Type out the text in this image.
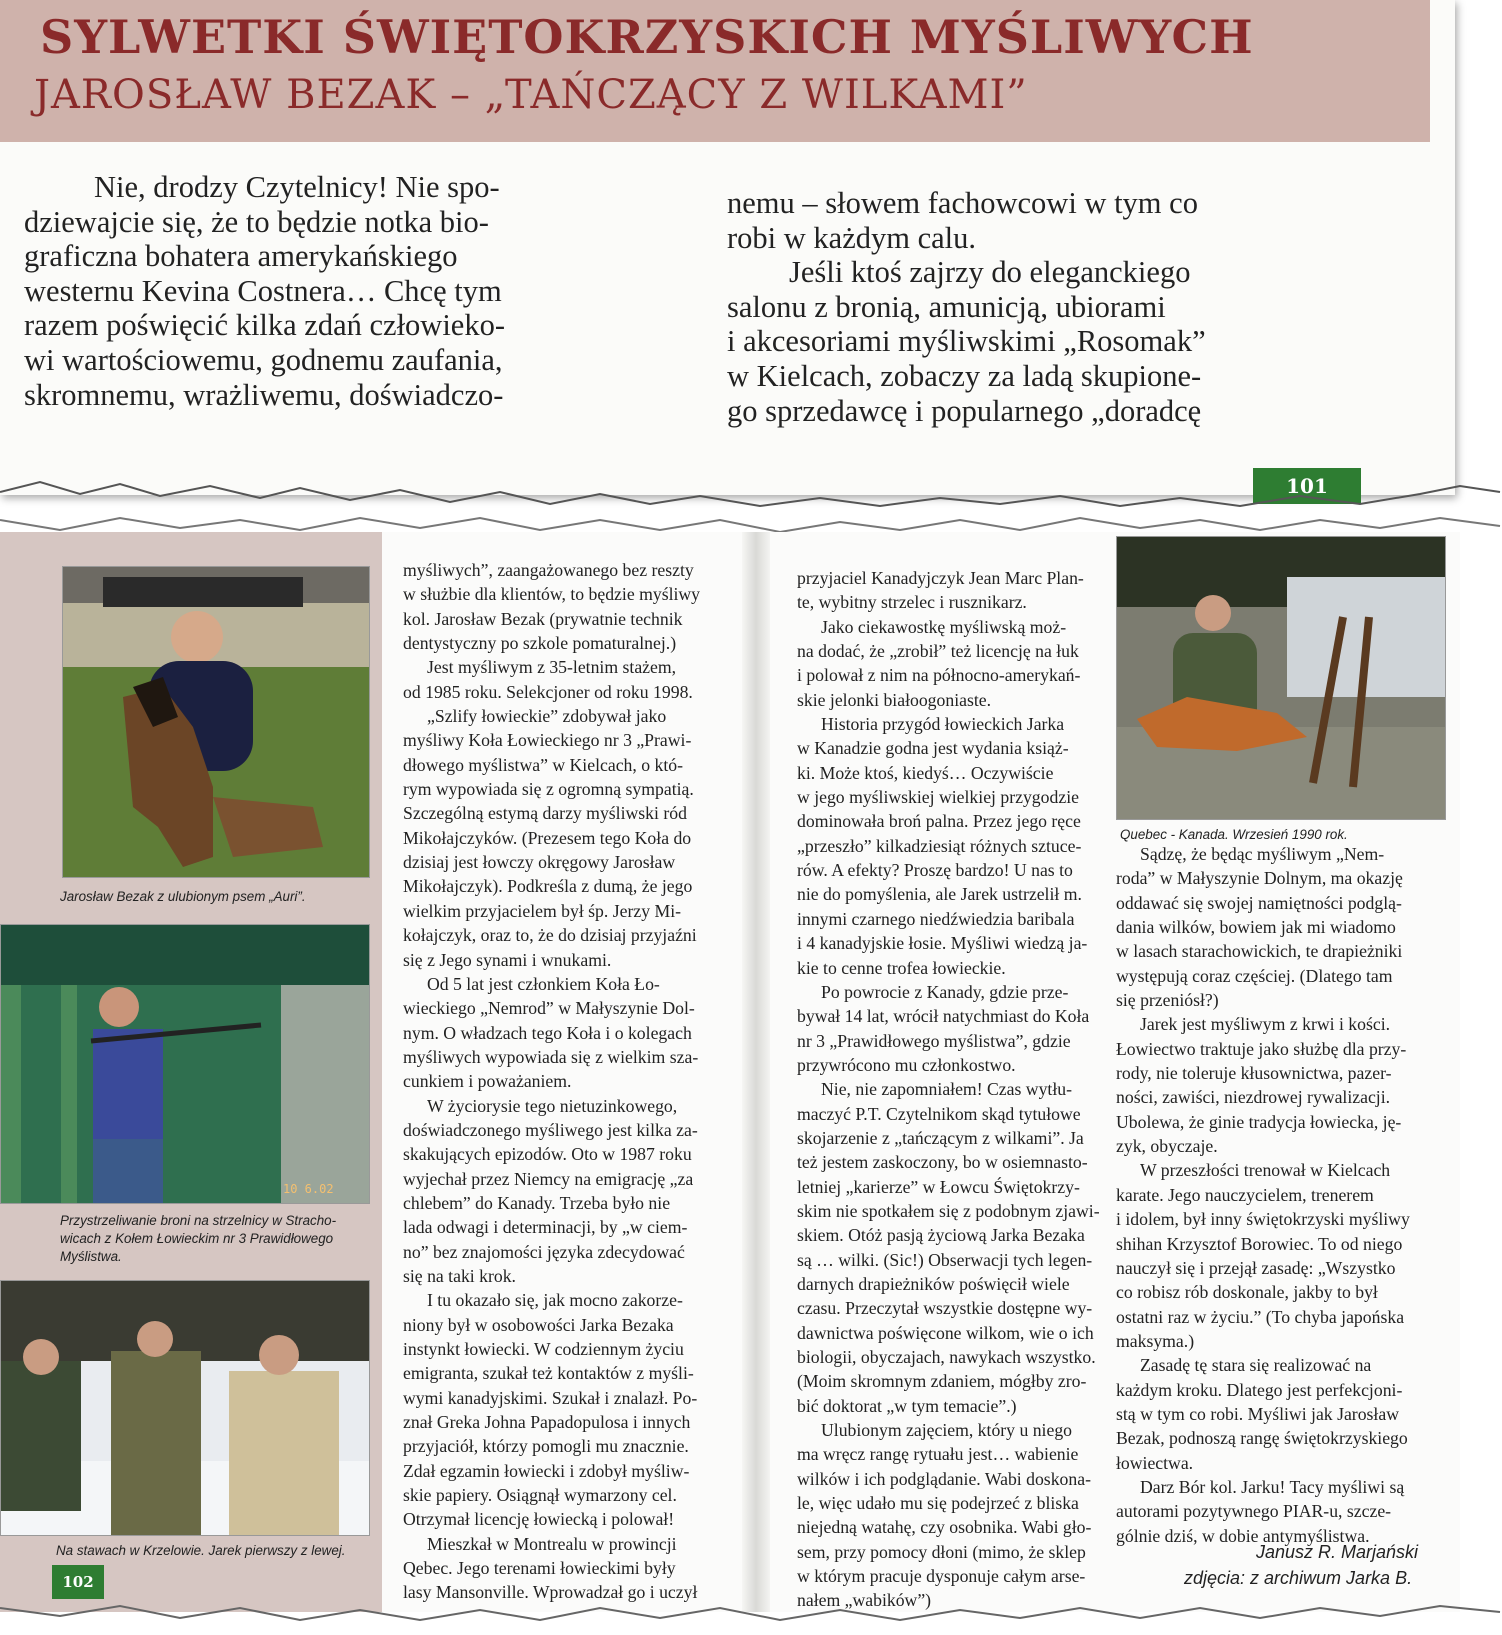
SYLWETKI ŚWIĘTOKRZYSKICH MYŚLIWYCH
JAROSŁAW BEZAK – „TAŃCZĄCY Z WILKAMI”
Nie, drodzy Czytelnicy! Nie spo-
dziewajcie się, że to będzie notka bio-
graficzna bohatera amerykańskiego
westernu Kevina Costnera… Chcę tym
razem poświęcić kilka zdań człowieko-
wi wartościowemu, godnemu zaufania,
skromnemu, wrażliwemu, doświadczo-
nemu – słowem fachowcowi w tym co
robi w każdym calu.
Jeśli ktoś zajrzy do eleganckiego
salonu z bronią, amunicją, ubiorami
i akcesoriami myśliwskimi „Rosomak”
w Kielcach, zobaczy za ladą skupione-
go sprzedawcę i popularnego „doradcę
101
Jarosław Bezak z ulubionym psem „Auri”.
10 6.02
Przystrzeliwanie broni na strzelnicy w Stracho-
wicach z Kołem Łowieckim nr 3 Prawidłowego
Myślistwa.
Na stawach w Krzelowie. Jarek pierwszy z lewej.
102
myśliwych”, zaangażowanego bez reszty
w służbie dla klientów, to będzie myśliwy
kol. Jarosław Bezak (prywatnie technik
dentystyczny po szkole pomaturalnej.)
Jest myśliwym z 35-letnim stażem,
od 1985 roku. Selekcjoner od roku 1998.
„Szlify łowieckie” zdobywał jako
myśliwy Koła Łowieckiego nr 3 „Prawi-
dłowego myślistwa” w Kielcach, o któ-
rym wypowiada się z ogromną sympatią.
Szczególną estymą darzy myśliwski ród
Mikołajczyków. (Prezesem tego Koła do
dzisiaj jest łowczy okręgowy Jarosław
Mikołajczyk). Podkreśla z dumą, że jego
wielkim przyjacielem był śp. Jerzy Mi-
kołajczyk, oraz to, że do dzisiaj przyjaźni
się z Jego synami i wnukami.
Od 5 lat jest członkiem Koła Ło-
wieckiego „Nemrod” w Małyszynie Dol-
nym. O władzach tego Koła i o kolegach
myśliwych wypowiada się z wielkim sza-
cunkiem i poważaniem.
W życiorysie tego nietuzinkowego,
doświadczonego myśliwego jest kilka za-
skakujących epizodów. Oto w 1987 roku
wyjechał przez Niemcy na emigrację „za
chlebem” do Kanady. Trzeba było nie
lada odwagi i determinacji, by „w ciem-
no” bez znajomości języka zdecydować
się na taki krok.
I tu okazało się, jak mocno zakorze-
niony był w osobowości Jarka Bezaka
instynkt łowiecki. W codziennym życiu
emigranta, szukał też kontaktów z myśli-
wymi kanadyjskimi. Szukał i znalazł. Po-
znał Greka Johna Papadopulosa i innych
przyjaciół, którzy pomogli mu znacznie.
Zdał egzamin łowiecki i zdobył myśliw-
skie papiery. Osiągnął wymarzony cel.
Otrzymał licencję łowiecką i polował!
Mieszkał w Montrealu w prowincji
Qebec. Jego terenami łowieckimi były
lasy Mansonville. Wprowadzał go i uczył
przyjaciel Kanadyjczyk Jean Marc Plan-
te, wybitny strzelec i rusznikarz.
Jako ciekawostkę myśliwską moż-
na dodać, że „zrobił” też licencję na łuk
i polował z nim na północno-amerykań-
skie jelonki białoogoniaste.
Historia przygód łowieckich Jarka
w Kanadzie godna jest wydania książ-
ki. Może ktoś, kiedyś… Oczywiście
w jego myśliwskiej wielkiej przygodzie
dominowała broń palna. Przez jego ręce
„przeszło” kilkadziesiąt różnych sztuce-
rów. A efekty? Proszę bardzo! U nas to
nie do pomyślenia, ale Jarek ustrzelił m.
innymi czarnego niedźwiedzia baribala
i 4 kanadyjskie łosie. Myśliwi wiedzą ja-
kie to cenne trofea łowieckie.
Po powrocie z Kanady, gdzie prze-
bywał 14 lat, wrócił natychmiast do Koła
nr 3 „Prawidłowego myślistwa”, gdzie
przywrócono mu członkostwo.
Nie, nie zapomniałem! Czas wytłu-
maczyć P.T. Czytelnikom skąd tytułowe
skojarzenie z „tańczącym z wilkami”. Ja
też jestem zaskoczony, bo w osiemnasto-
letniej „karierze” w Łowcu Świętokrzy-
skim nie spotkałem się z podobnym zjawi-
skiem. Otóż pasją życiową Jarka Bezaka
są … wilki. (Sic!) Obserwacji tych legen-
darnych drapieżników poświęcił wiele
czasu. Przeczytał wszystkie dostępne wy-
dawnictwa poświęcone wilkom, wie o ich
biologii, obyczajach, nawykach wszystko.
(Moim skromnym zdaniem, mógłby zro-
bić doktorat „w tym temacie”.)
Ulubionym zajęciem, który u niego
ma wręcz rangę rytuału jest… wabienie
wilków i ich podglądanie. Wabi doskona-
le, więc udało mu się podejrzeć z bliska
niejedną watahę, czy osobnika. Wabi gło-
sem, przy pomocy dłoni (mimo, że sklep
w którym pracuje dysponuje całym arse-
nałem „wabików”)
Quebec - Kanada. Wrzesień 1990 rok.
Sądzę, że będąc myśliwym „Nem-
roda” w Małyszynie Dolnym, ma okazję
oddawać się swojej namiętności podglą-
dania wilków, bowiem jak mi wiadomo
w lasach starachowickich, te drapieżniki
występują coraz częściej. (Dlatego tam
się przeniósł?)
Jarek jest myśliwym z krwi i kości.
Łowiectwo traktuje jako służbę dla przy-
rody, nie toleruje kłusownictwa, pazer-
ności, zawiści, niezdrowej rywalizacji.
Ubolewa, że ginie tradycja łowiecka, ję-
zyk, obyczaje.
W przeszłości trenował w Kielcach
karate. Jego nauczycielem, trenerem
i idolem, był inny świętokrzyski myśliwy
shihan Krzysztof Borowiec. To od niego
nauczył się i przejął zasadę: „Wszystko
co robisz rób doskonale, jakby to był
ostatni raz w życiu.” (To chyba japońska
maksyma.)
Zasadę tę stara się realizować na
każdym kroku. Dlatego jest perfekcjoni-
stą w tym co robi. Myśliwi jak Jarosław
Bezak, podnoszą rangę świętokrzyskiego
łowiectwa.
Darz Bór kol. Jarku! Tacy myśliwi są
autorami pozytywnego PIAR-u, szcze-
gólnie dziś, w dobie antymyślistwa.
Janusz R. Marjański
zdjęcia: z archiwum Jarka B.
